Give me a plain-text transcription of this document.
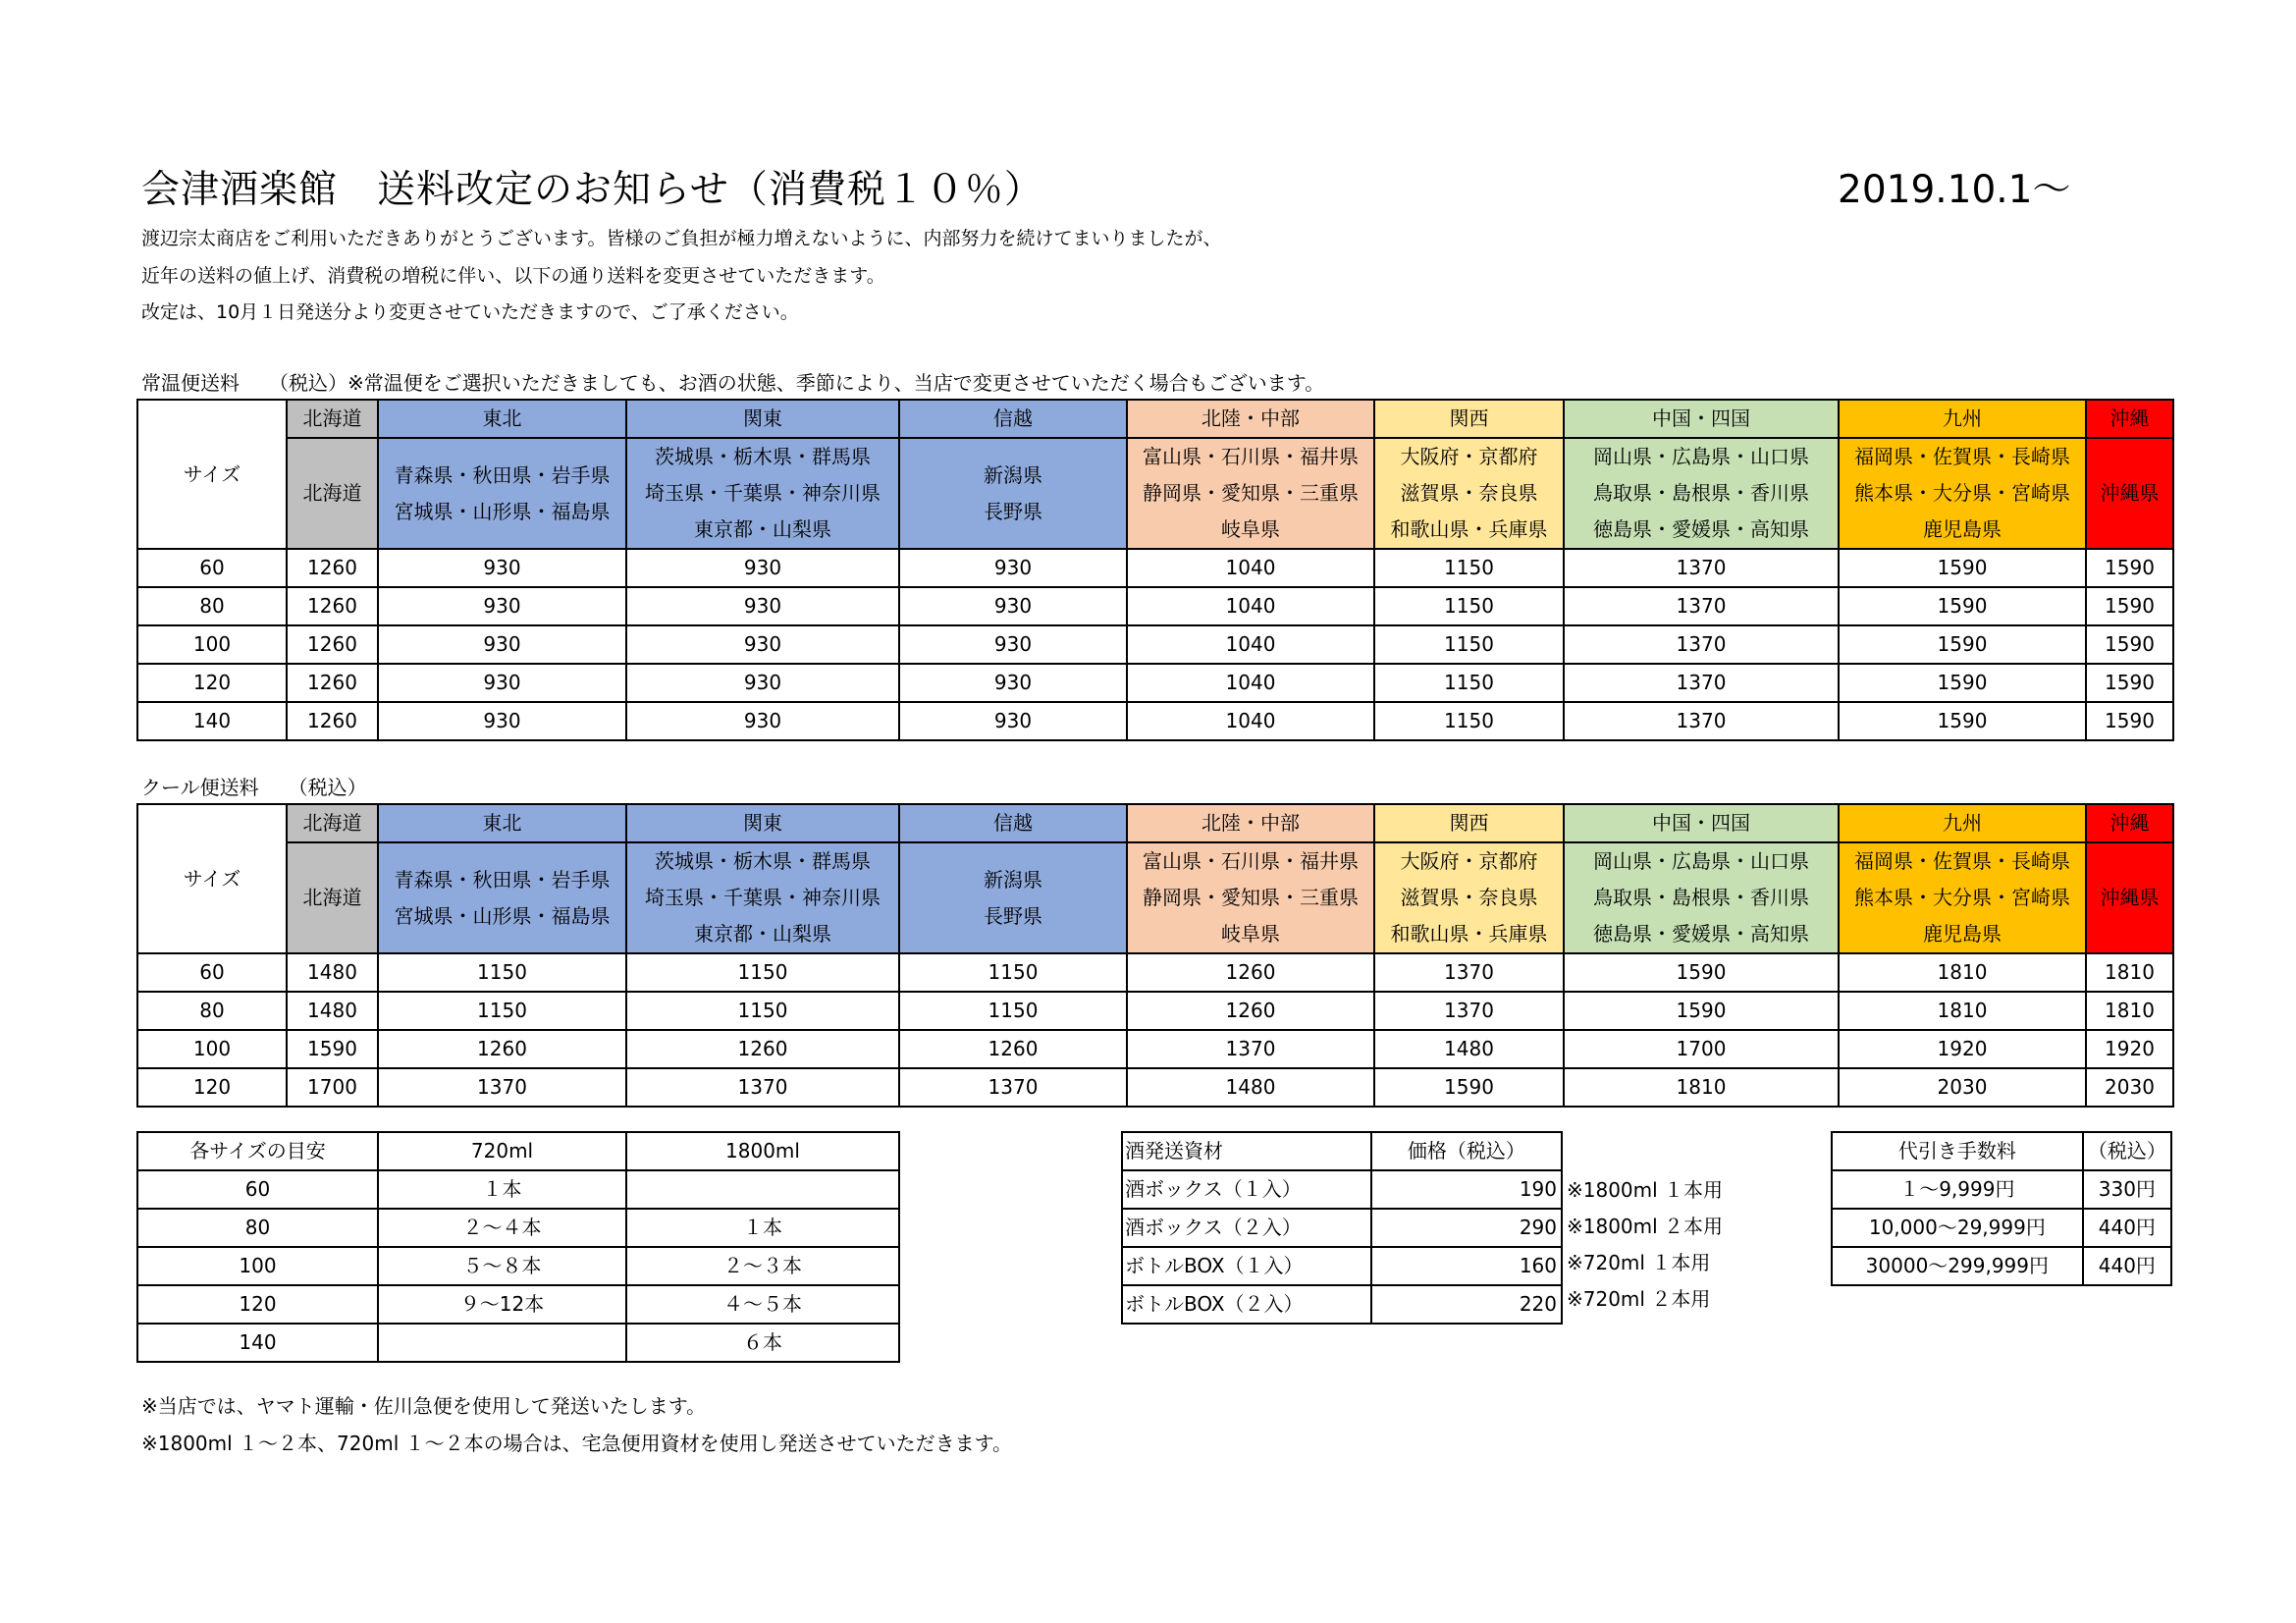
会津酒楽館　送料改定のお知らせ（消費税１０％）	2019.10.1～
渡辺宗太商店をご利用いただきありがとうございます。皆様のご負担が極力増えないように、内部努力を続けてまいりましたが、
近年の送料の値上げ、消費税の増税に伴い、以下の通り送料を変更させていただきます。
改定は、10月１日発送分より変更させていただきますので、ご了承ください。
常温便送料　　（税込）※常温便をご選択いただきましても、お酒の状態、季節により、当店で変更させていただく場合もございます。
サイズ	北海道	東北	関東	信越	北陸・中部	関西	中国・四国	九州	沖縄

	北海道	青森県・秋田県・岩手県
宮城県・山形県・福島県	茨城県・栃木県・群馬県
埼玉県・千葉県・神奈川県
東京都・山梨県	新潟県
長野県	富山県・石川県・福井県
静岡県・愛知県・三重県
岐阜県	大阪府・京都府
滋賀県・奈良県
和歌山県・兵庫県	岡山県・広島県・山口県
鳥取県・島根県・香川県
徳島県・愛媛県・高知県	福岡県・佐賀県・長崎県
熊本県・大分県・宮崎県
鹿児島県	沖縄県

60	1260	930	930	930	1040	1150	1370	1590	1590
80	1260	930	930	930	1040	1150	1370	1590	1590
100	1260	930	930	930	1040	1150	1370	1590	1590
120	1260	930	930	930	1040	1150	1370	1590	1590
140	1260	930	930	930	1040	1150	1370	1590	1590
クール便送料　　（税込）
サイズ	北海道	東北	関東	信越	北陸・中部	関西	中国・四国	九州	沖縄

	北海道	青森県・秋田県・岩手県
宮城県・山形県・福島県	茨城県・栃木県・群馬県
埼玉県・千葉県・神奈川県
東京都・山梨県	新潟県
長野県	富山県・石川県・福井県
静岡県・愛知県・三重県
岐阜県	大阪府・京都府
滋賀県・奈良県
和歌山県・兵庫県	岡山県・広島県・山口県
鳥取県・島根県・香川県
徳島県・愛媛県・高知県	福岡県・佐賀県・長崎県
熊本県・大分県・宮崎県
鹿児島県	沖縄県

60	1480	1150	1150	1150	1260	1370	1590	1810	1810
80	1480	1150	1150	1150	1260	1370	1590	1810	1810
100	1590	1260	1260	1260	1370	1480	1700	1920	1920
120	1700	1370	1370	1370	1480	1590	1810	2030	2030
各サイズの目安	720ml	1800ml
60	１本	
80	２～４本	１本
100	５～８本	２～３本
120	９～12本	４～５本
140		６本
酒発送資材	価格（税込）
酒ボックス（１入）	190
酒ボックス（２入）	290
ボトルBOX（１入）	160
ボトルBOX（２入）	220
※1800ml １本用
※1800ml ２本用
※720ml １本用
※720ml ２本用
代引き手数料	（税込）
１～9,999円	330円
10,000～29,999円	440円
30000～299,999円	440円
※当店では、ヤマト運輸・佐川急便を使用して発送いたします。
※1800ml １～２本、720ml １～２本の場合は、宅急便用資材を使用し発送させていただきます。
